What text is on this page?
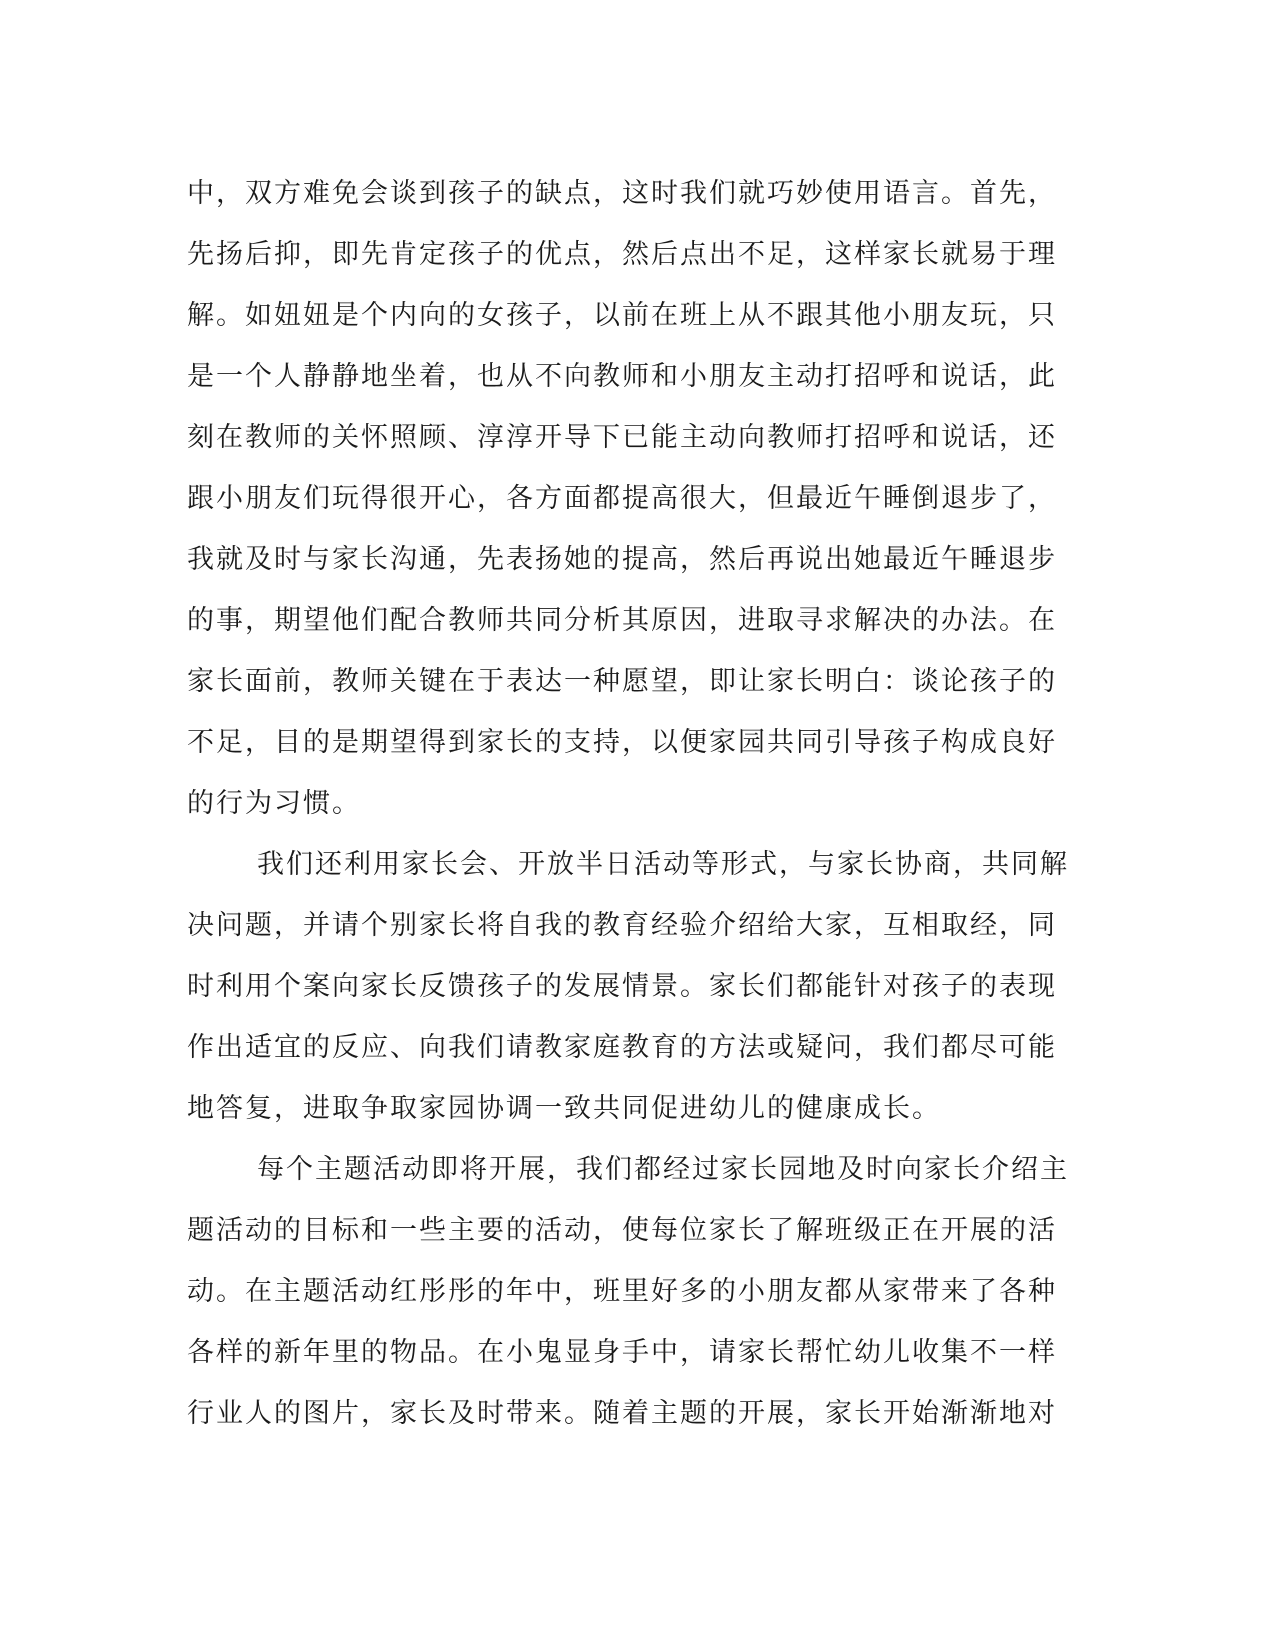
中，双方难免会谈到孩子的缺点，这时我们就巧妙使用语言。首先，
先扬后抑，即先肯定孩子的优点，然后点出不足，这样家长就易于理
解。如妞妞是个内向的女孩子，以前在班上从不跟其他小朋友玩，只
是一个人静静地坐着，也从不向教师和小朋友主动打招呼和说话，此
刻在教师的关怀照顾、淳淳开导下已能主动向教师打招呼和说话，还
跟小朋友们玩得很开心，各方面都提高很大，但最近午睡倒退步了，
我就及时与家长沟通，先表扬她的提高，然后再说出她最近午睡退步
的事，期望他们配合教师共同分析其原因，进取寻求解决的办法。在
家长面前，教师关键在于表达一种愿望，即让家长明白：谈论孩子的
不足，目的是期望得到家长的支持，以便家园共同引导孩子构成良好
的行为习惯。
我们还利用家长会、开放半日活动等形式，与家长协商，共同解
决问题，并请个别家长将自我的教育经验介绍给大家，互相取经，同
时利用个案向家长反馈孩子的发展情景。家长们都能针对孩子的表现
作出适宜的反应、向我们请教家庭教育的方法或疑问，我们都尽可能
地答复，进取争取家园协调一致共同促进幼儿的健康成长。
每个主题活动即将开展，我们都经过家长园地及时向家长介绍主
题活动的目标和一些主要的活动，使每位家长了解班级正在开展的活
动。在主题活动红彤彤的年中，班里好多的小朋友都从家带来了各种
各样的新年里的物品。在小鬼显身手中，请家长帮忙幼儿收集不一样
行业人的图片，家长及时带来。随着主题的开展，家长开始渐渐地对
